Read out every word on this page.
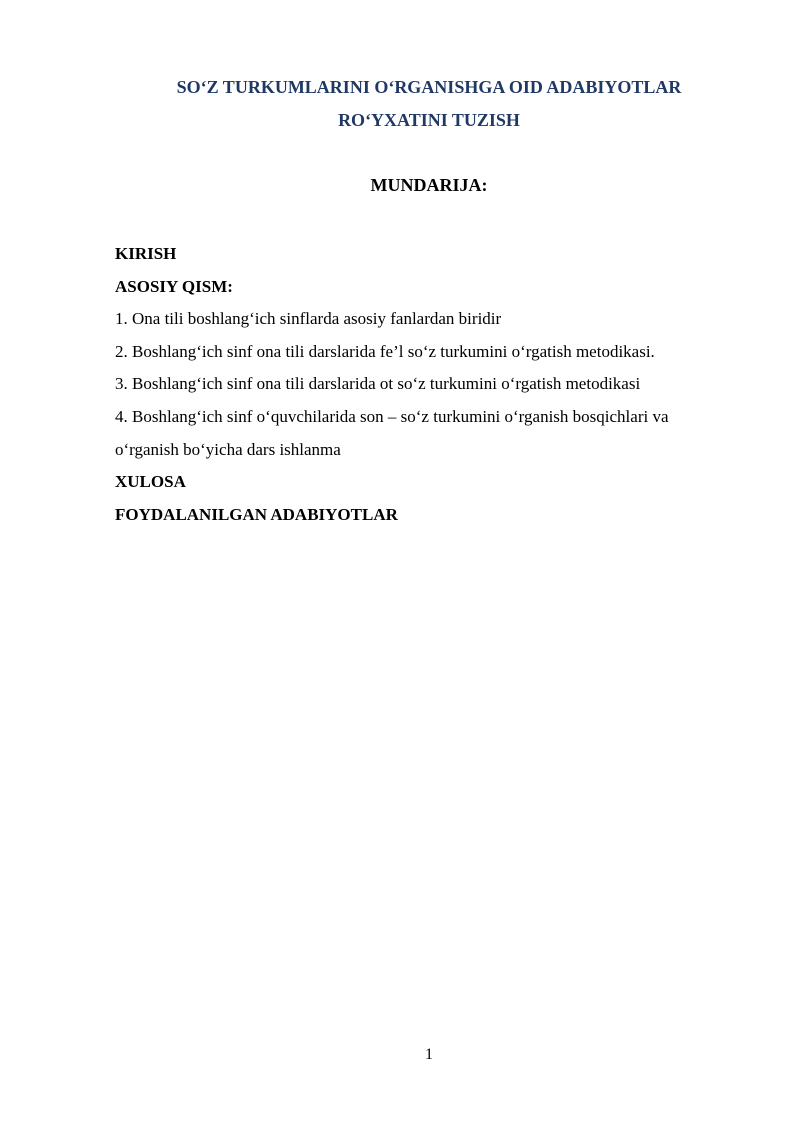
SO‘Z TURKUMLARINI O‘RGANISHGA OID ADABIYOTLAR
RO‘YXATINI TUZISH
MUNDARIJA:

KIRISH

ASOSIY QISM:

1. Ona tili boshlang‘ich sinflarda asosiy fanlardan biridir

2. Boshlang‘ich sinf ona tili darslarida fe’l so‘z turkumini o‘rgatish metodikasi.

3. Boshlang‘ich sinf ona tili darslarida ot so‘z turkumini o‘rgatish metodikasi

4. Boshlang‘ich sinf o‘quvchilarida son – so‘z turkumini o‘rganish bosqichlari va

o‘rganish bo‘yicha dars ishlanma

XULOSA

FOYDALANILGAN ADABIYOTLAR

1
